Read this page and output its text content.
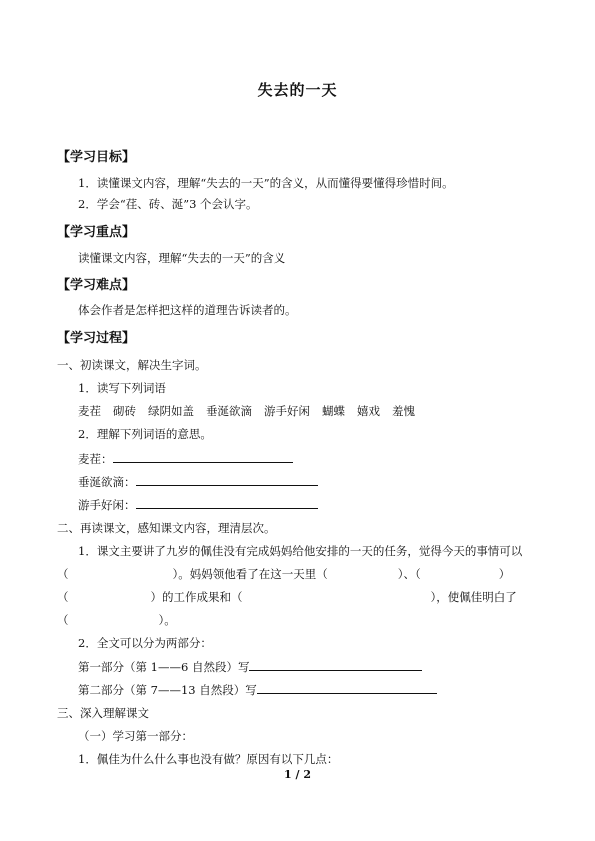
失去的一天
【学习目标】
1．读懂课文内容，理解“失去的一天”的含义，从而懂得要懂得珍惜时间。
2．学会“荏、砖、涎”3 个会认字。
【学习重点】
读懂课文内容，理解“失去的一天”的含义
【学习难点】
体会作者是怎样把这样的道理告诉读者的。
【学习过程】
一、初读课文，解决生字词。
1．读写下列词语
麦茬 砌砖 绿阴如盖 垂涎欲滴 游手好闲 蝴蝶 嬉戏 羞愧
2．理解下列词语的意思。
麦茬：
垂涎欲滴：
游手好闲：
二、再读课文，感知课文内容，理清层次。
1．课文主要讲了九岁的佩佳没有完成妈妈给他安排的一天的任务，觉得今天的事情可以
（	）。妈妈领他看了在这一天里（	）、（	）
（	）的工作成果和（	），使佩佳明白了
（	）。
2．全文可以分为两部分：
第一部分（第 1——6 自然段）写
第二部分（第 7——13 自然段）写
三、深入理解课文
（一）学习第一部分：
1．佩佳为什么什么事也没有做？原因有以下几点：
1 / 2
